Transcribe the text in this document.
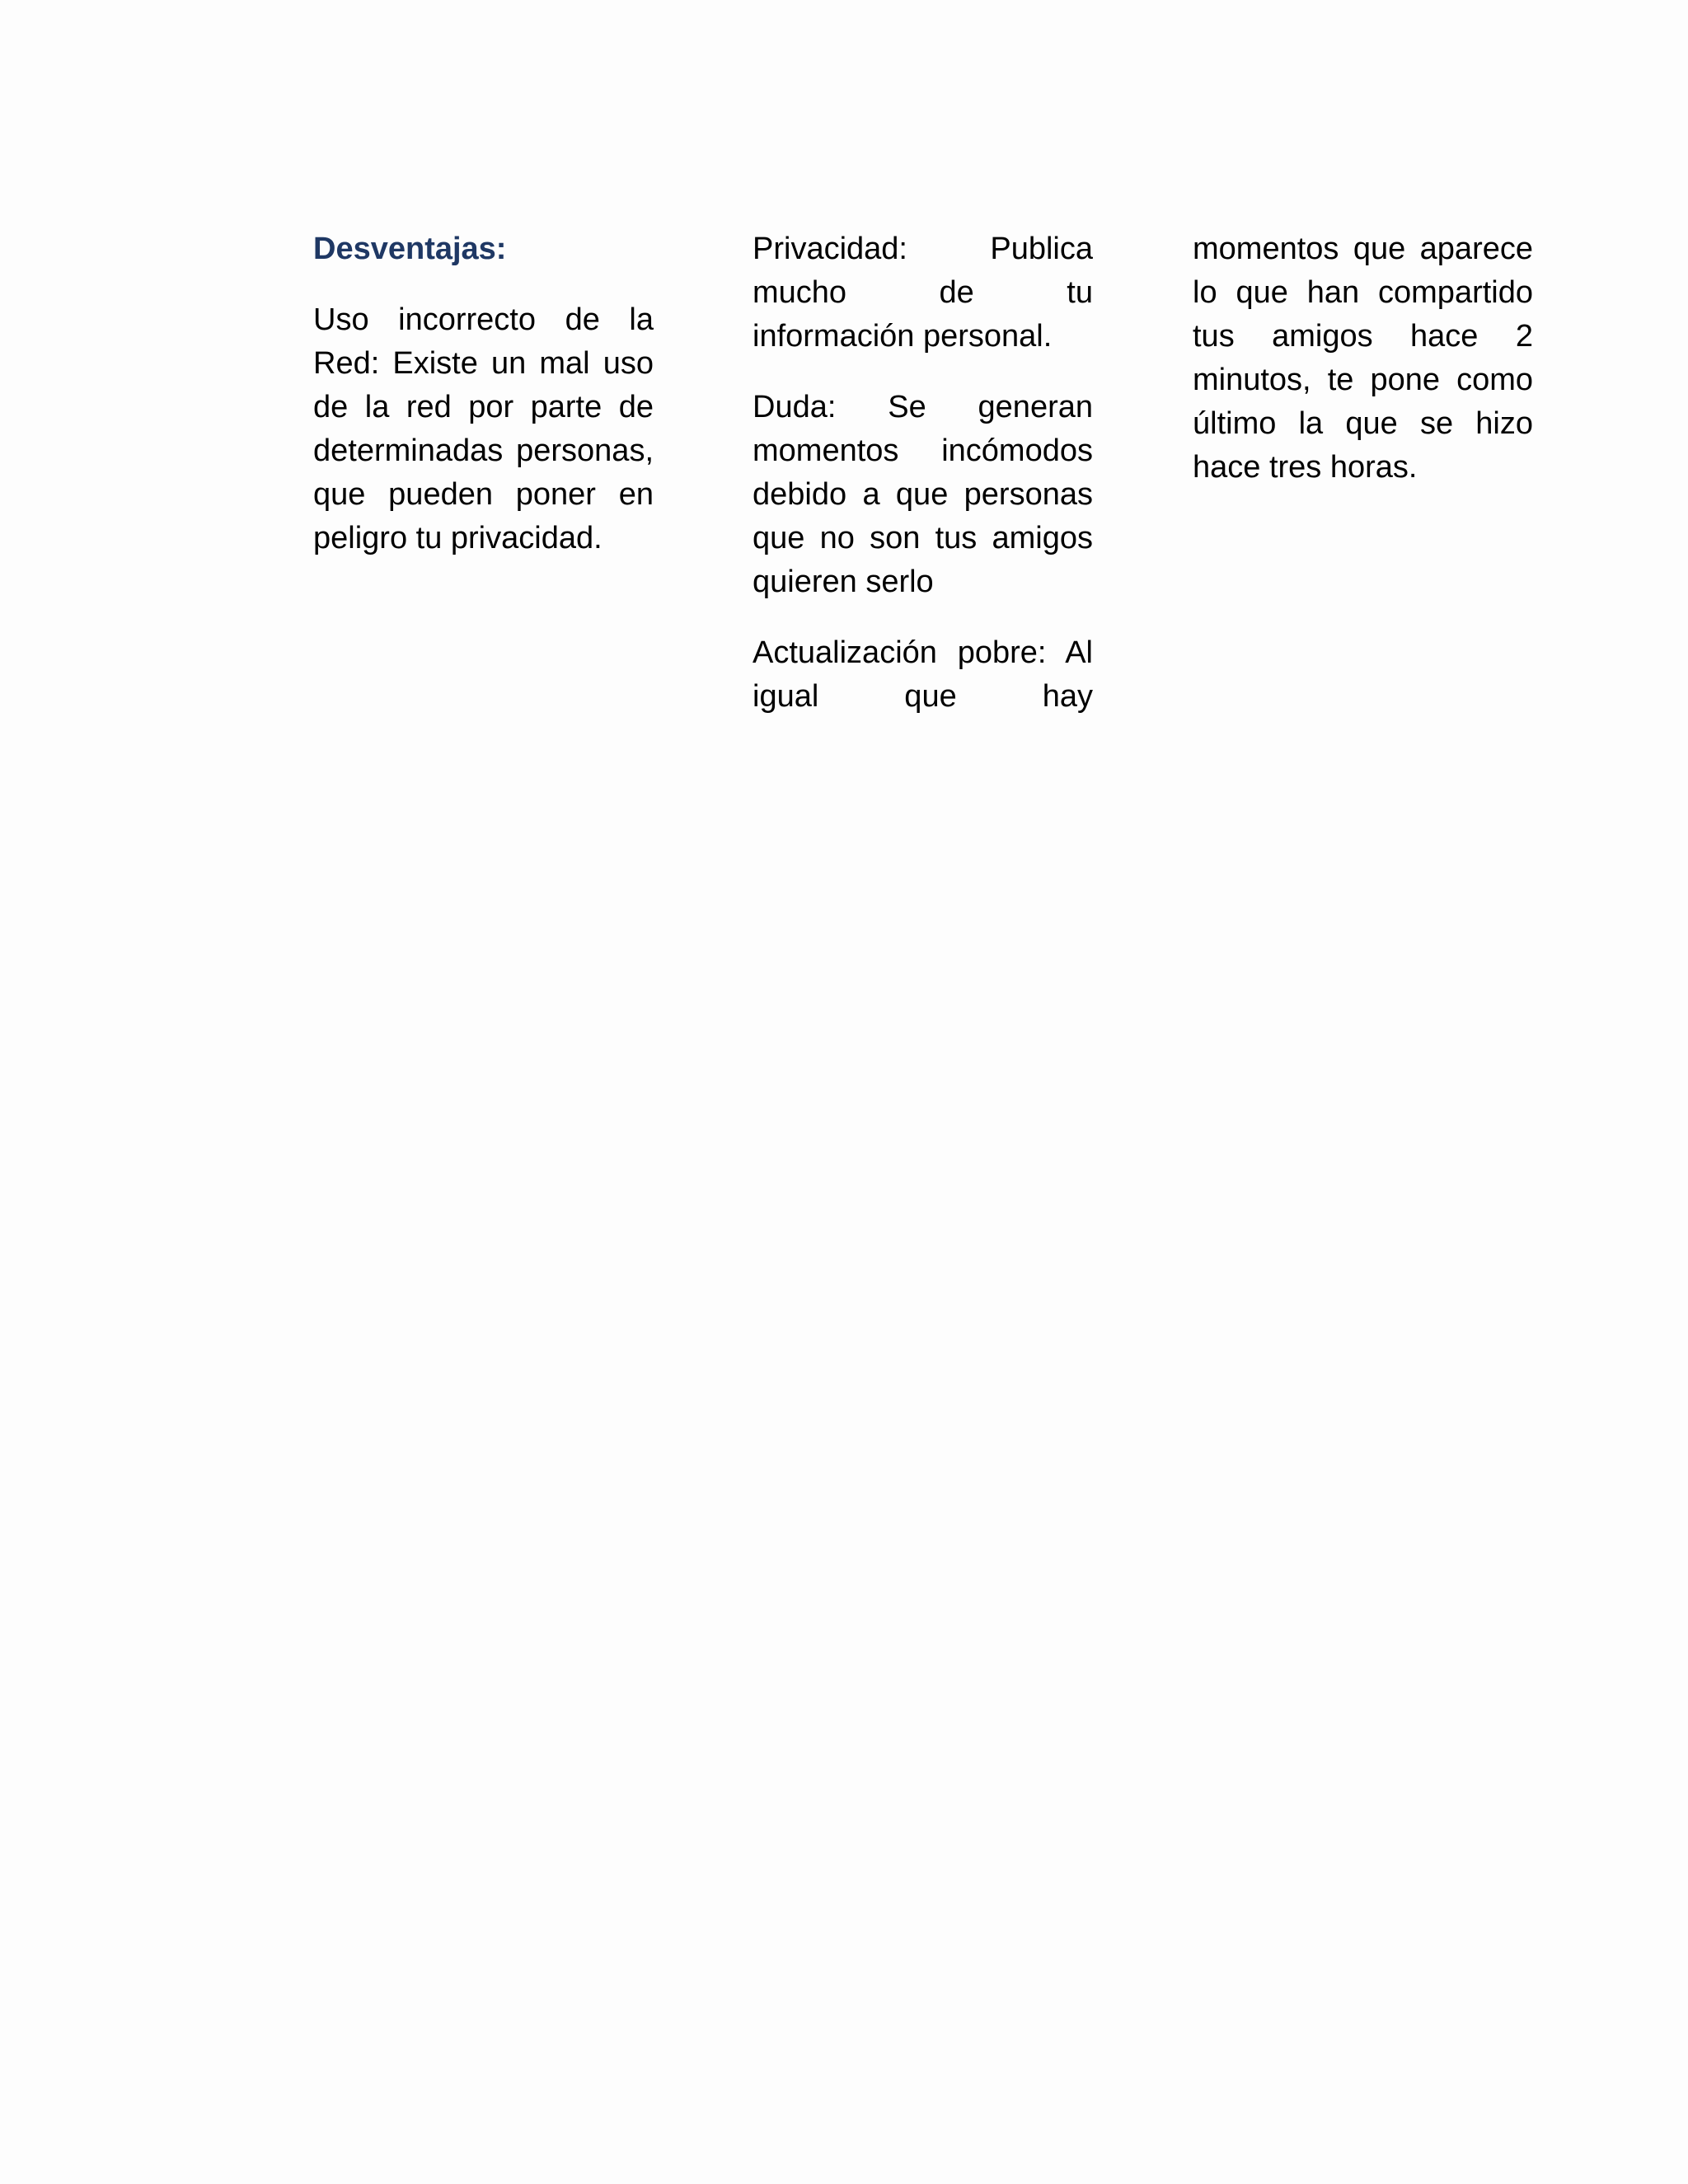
Desventajas:

Uso incorrecto de la Red: Existe un mal uso de la red por parte de determinadas personas, que pueden poner en peligro tu privacidad.

Privacidad: Publica mucho de tu información personal.

Duda: Se generan momentos incómodos debido a que personas que no son tus amigos quieren serlo

Actualización pobre: Al igual que hay

momentos que aparece lo que han compartido tus amigos hace 2 minutos, te pone como último la que se hizo hace tres horas.
